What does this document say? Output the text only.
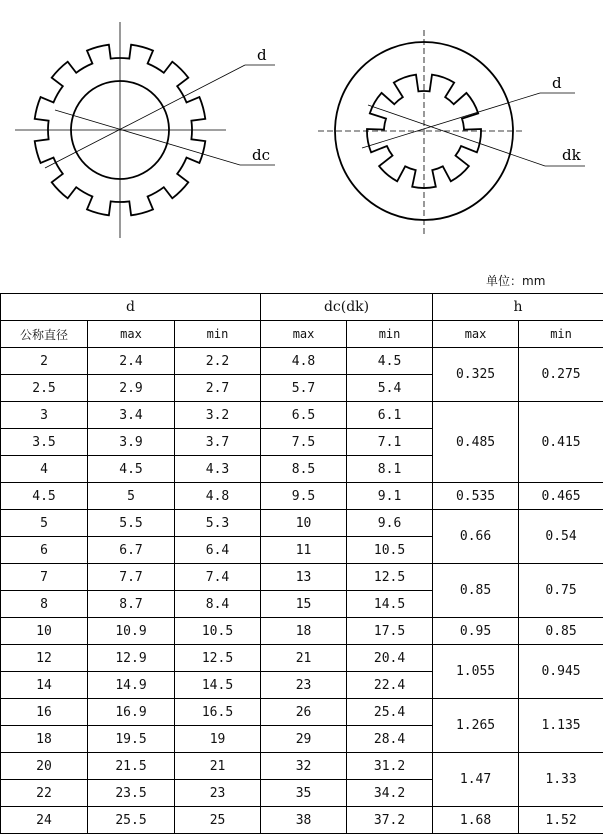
d
dc
d
dk
单位：mm
d			dc(dk)		h	
公称直径	max	min	max	min	max	min
2	2.4	2.2	4.8	4.5	0.325	0.275
2.5	2.9	2.7	5.7	5.4		
3	3.4	3.2	6.5	6.1	0.485	0.415
3.5	3.9	3.7	7.5	7.1		
4	4.5	4.3	8.5	8.1		
4.5	5	4.8	9.5	9.1	0.535	0.465
5	5.5	5.3	10	9.6	0.66	0.54
6	6.7	6.4	11	10.5		
7	7.7	7.4	13	12.5	0.85	0.75
8	8.7	8.4	15	14.5		
10	10.9	10.5	18	17.5	0.95	0.85
12	12.9	12.5	21	20.4	1.055	0.945
14	14.9	14.5	23	22.4		
16	16.9	16.5	26	25.4	1.265	1.135
18	19.5	19	29	28.4		
20	21.5	21	32	31.2	1.47	1.33
22	23.5	23	35	34.2		
24	25.5	25	38	37.2	1.68	1.52
